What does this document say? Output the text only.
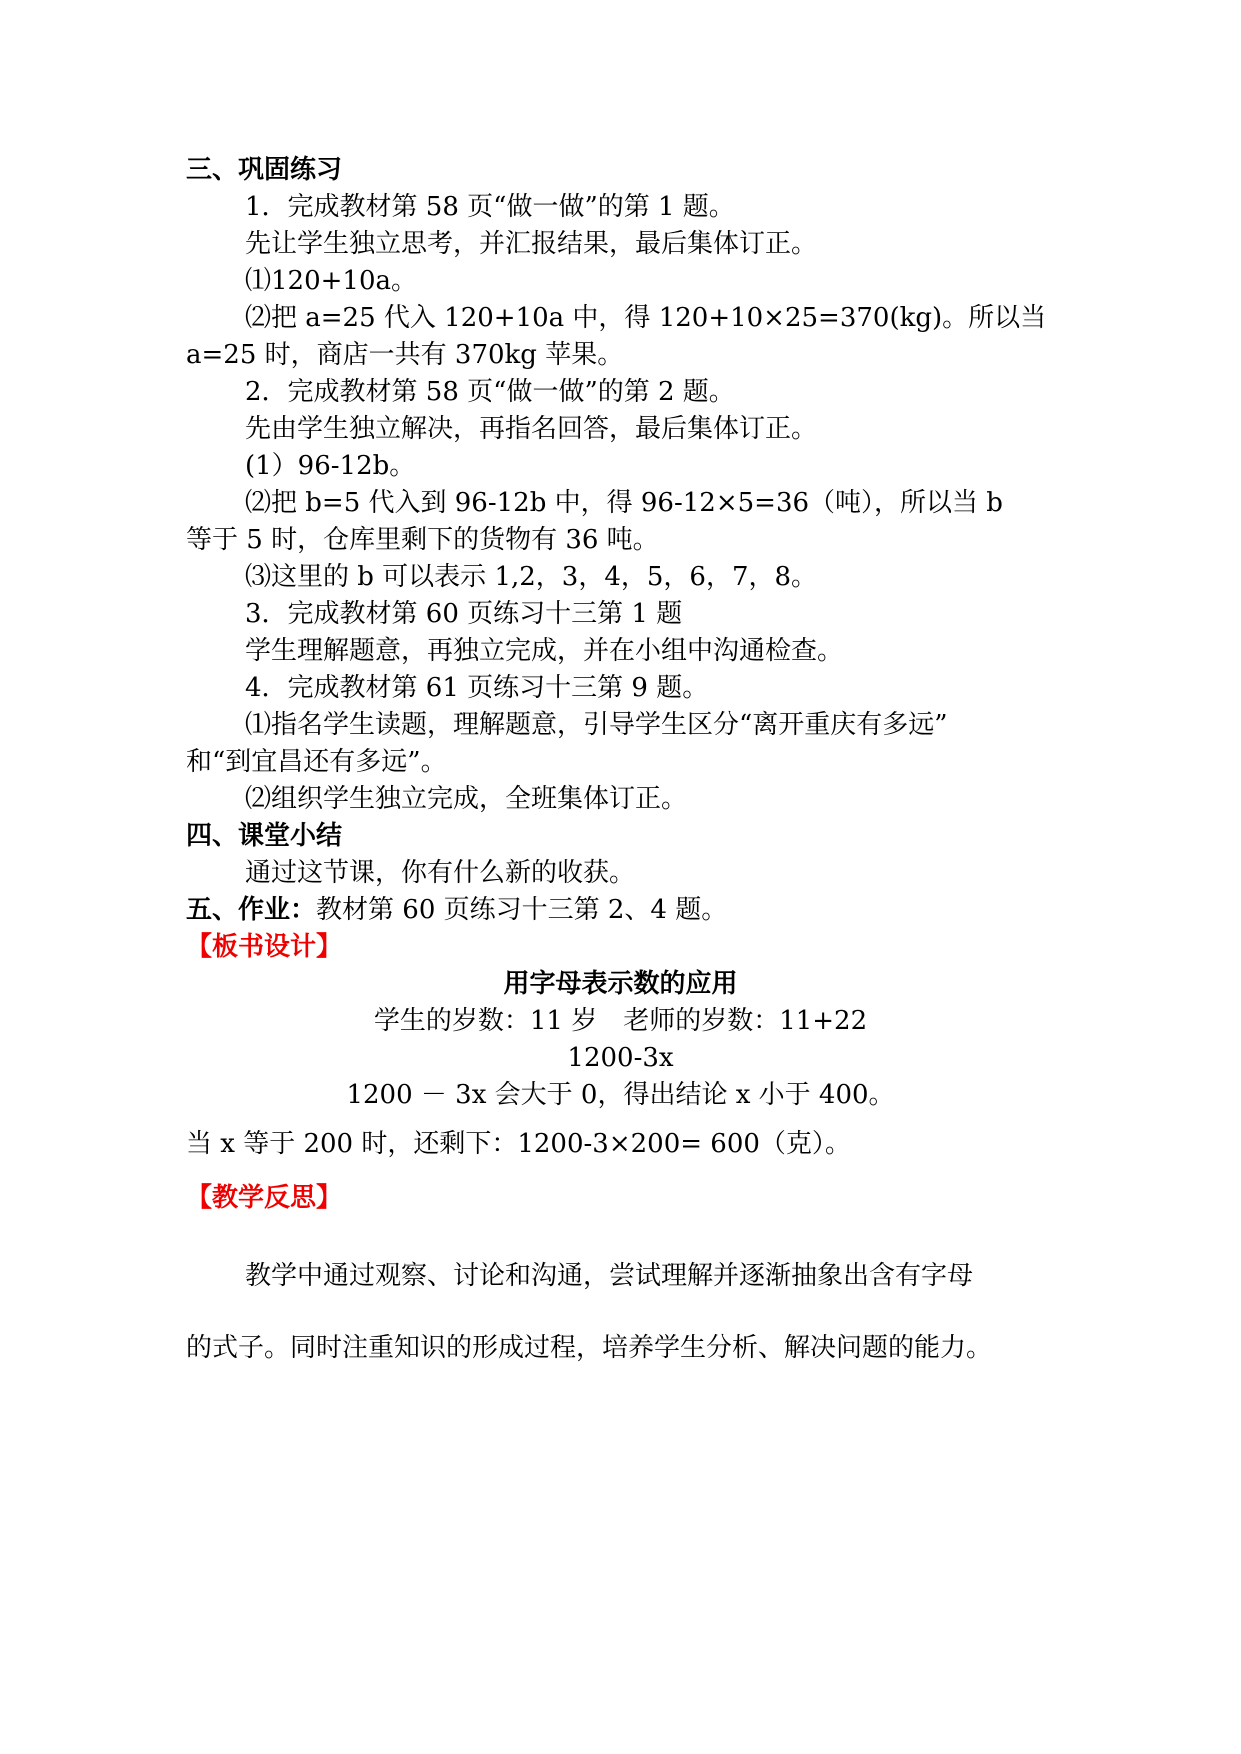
三、巩固练习
1．完成教材第 58 页“做一做”的第 1 题。
先让学生独立思考，并汇报结果，最后集体订正。
⑴120+10a。
⑵把 a=25 代入 120+10a 中，得 120+10×25=370(kg)。所以当
a=25 时，商店一共有 370kg 苹果。
2．完成教材第 58 页“做一做”的第 2 题。
先由学生独立解决，再指名回答，最后集体订正。
(1）96-12b。
⑵把 b=5 代入到 96-12b 中，得 96-12×5=36（吨），所以当 b
等于 5 时，仓库里剩下的货物有 36 吨。
⑶这里的 b 可以表示 1,2，3，4，5，6，7，8。
3．完成教材第 60 页练习十三第 1 题
学生理解题意，再独立完成，并在小组中沟通检查。
4．完成教材第 61 页练习十三第 9 题。
⑴指名学生读题，理解题意，引导学生区分“离开重庆有多远”
和“到宜昌还有多远”。
⑵组织学生独立完成，全班集体订正。
四、课堂小结
通过这节课，你有什么新的收获。
五、作业：教材第 60 页练习十三第 2、4 题。
【板书设计】
用字母表示数的应用
学生的岁数：11 岁　老师的岁数：11+22
1200-3x
1200 － 3x 会大于 0，得出结论 x 小于 400。
当 x 等于 200 时，还剩下：1200-3×200= 600（克）。
【教学反思】
教学中通过观察、讨论和沟通，尝试理解并逐渐抽象出含有字母
的式子。同时注重知识的形成过程，培养学生分析、解决问题的能力。
